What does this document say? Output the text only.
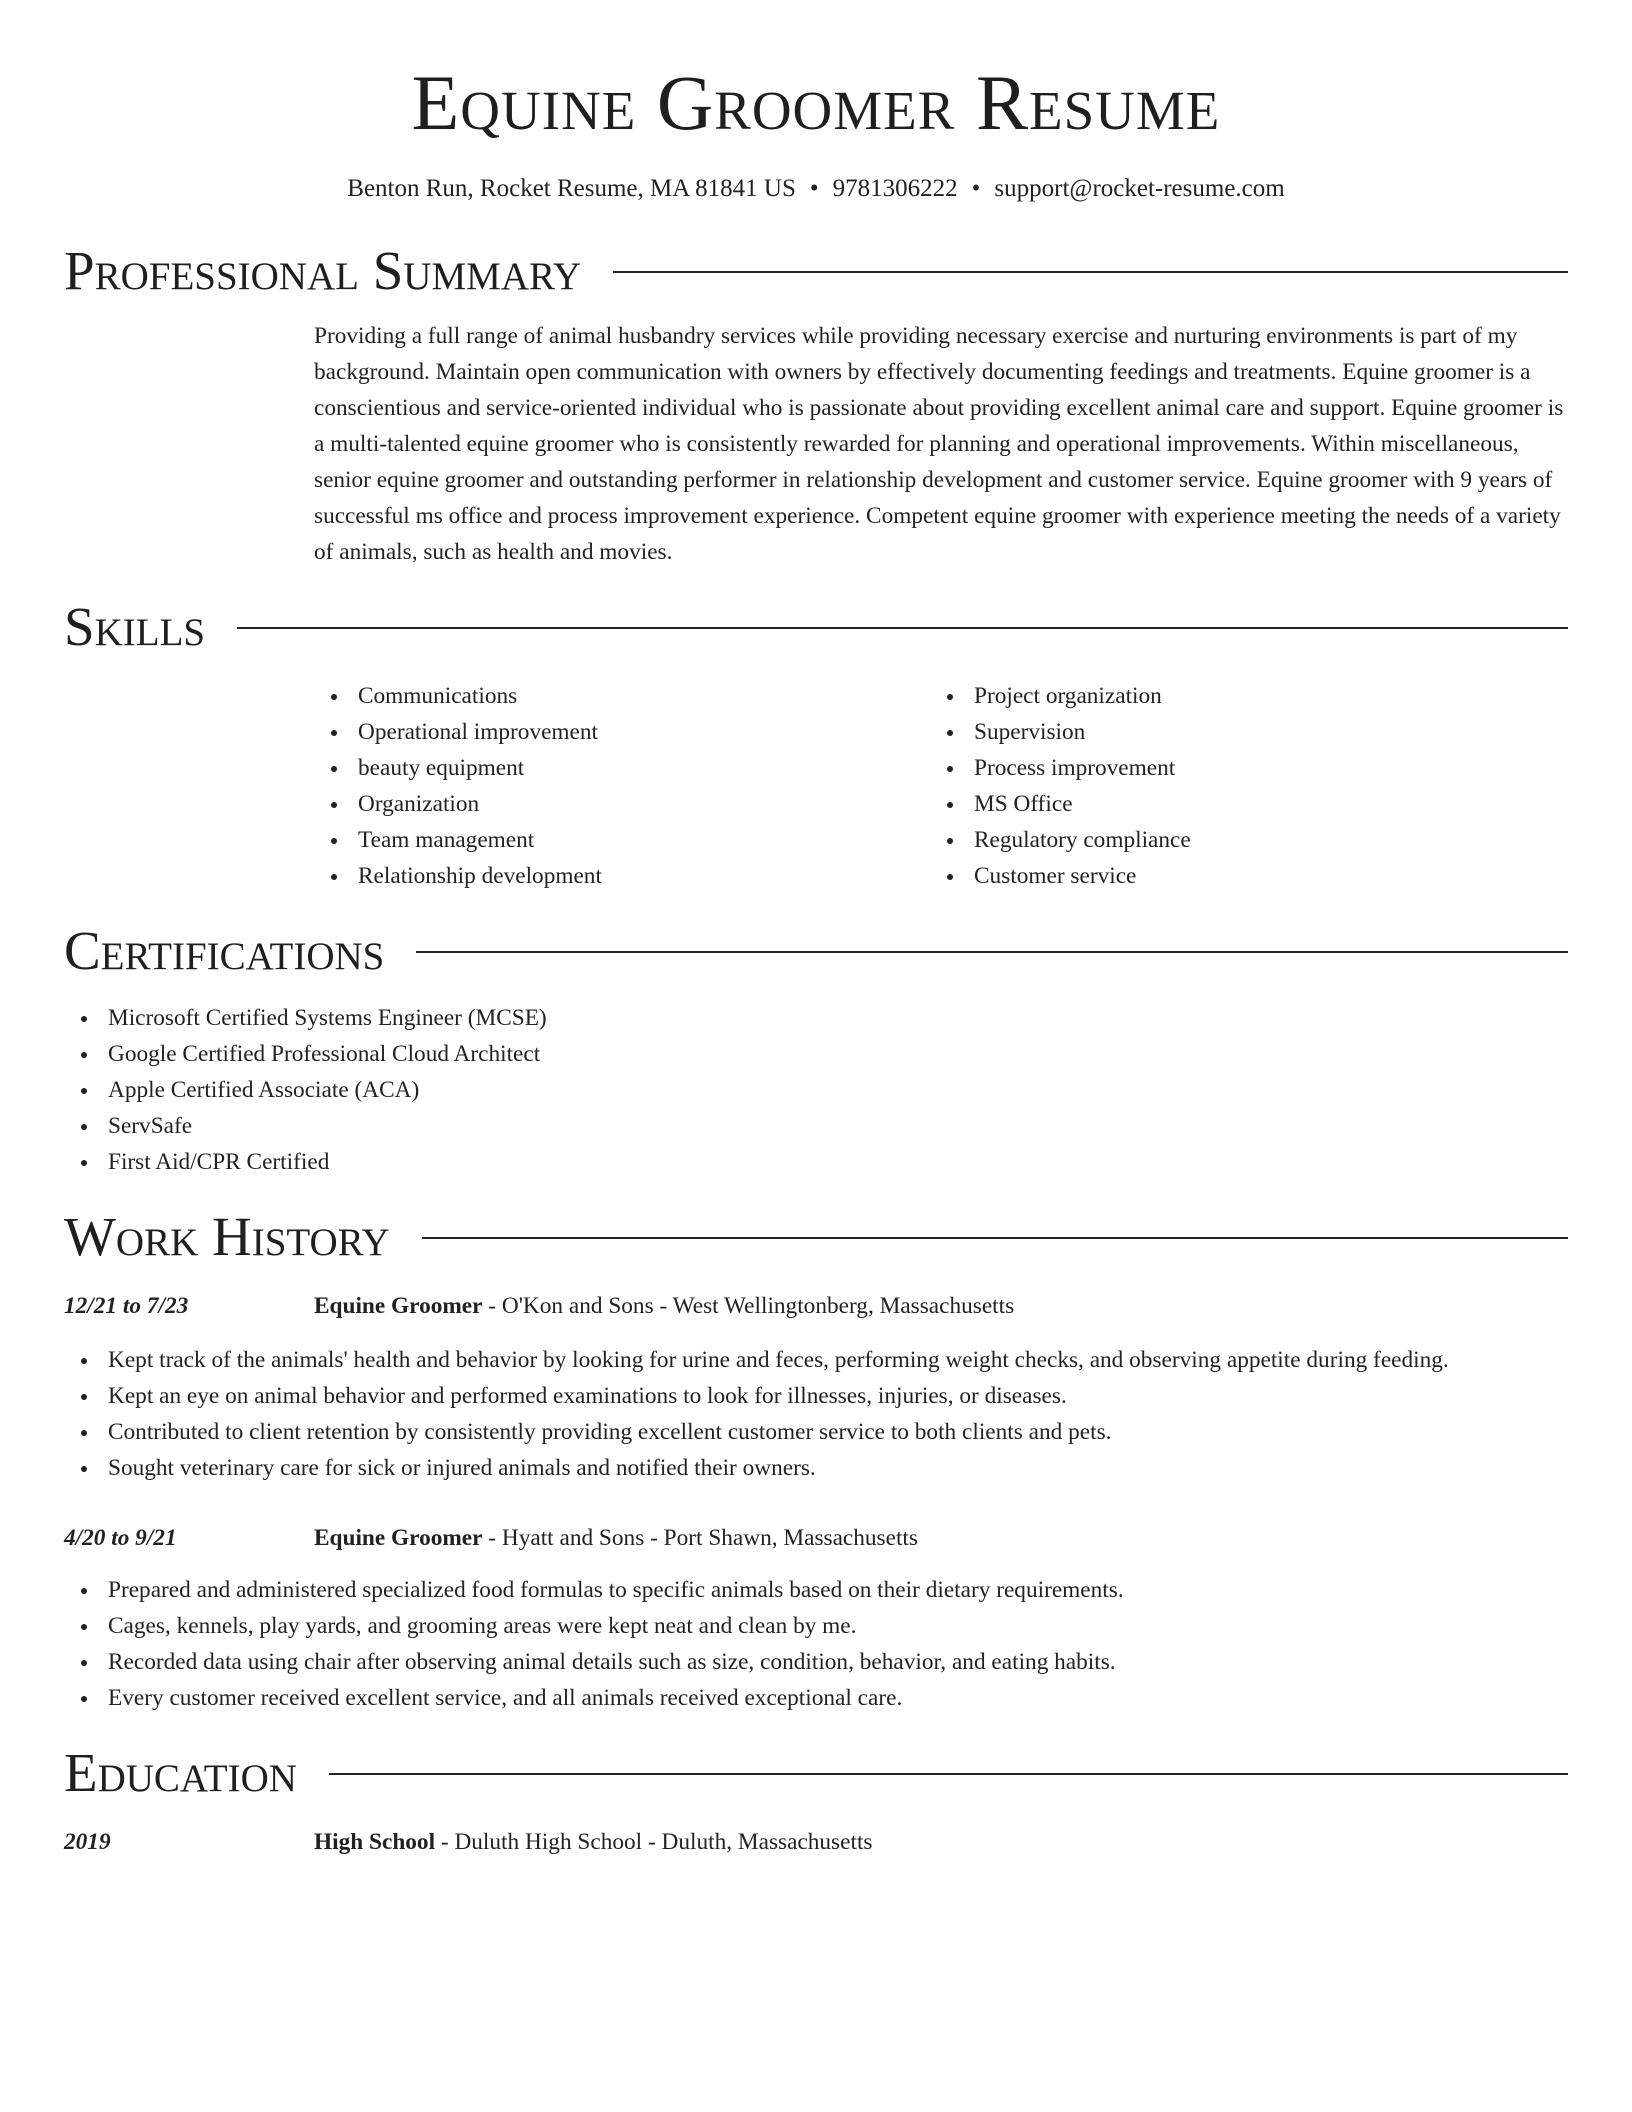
Equine Groomer Resume
Benton Run, Rocket Resume, MA 81841 US • 9781306222 • support@rocket-resume.com
Professional Summary
Providing a full range of animal husbandry services while providing necessary exercise and nurturing environments is part of my background. Maintain open communication with owners by effectively documenting feedings and treatments. Equine groomer is a conscientious and service-oriented individual who is passionate about providing excellent animal care and support. Equine groomer is a multi-talented equine groomer who is consistently rewarded for planning and operational improvements. Within miscellaneous, senior equine groomer and outstanding performer in relationship development and customer service. Equine groomer with 9 years of successful ms office and process improvement experience. Competent equine groomer with experience meeting the needs of a variety of animals, such as health and movies.
Skills
Communications
Operational improvement
beauty equipment
Organization
Team management
Relationship development
Project organization
Supervision
Process improvement
MS Office
Regulatory compliance
Customer service
Certifications
Microsoft Certified Systems Engineer (MCSE)
Google Certified Professional Cloud Architect
Apple Certified Associate (ACA)
ServSafe
First Aid/CPR Certified
Work History
12/21 to 7/23	Equine Groomer - O'Kon and Sons - West Wellingtonberg, Massachusetts
Kept track of the animals' health and behavior by looking for urine and feces, performing weight checks, and observing appetite during feeding.
Kept an eye on animal behavior and performed examinations to look for illnesses, injuries, or diseases.
Contributed to client retention by consistently providing excellent customer service to both clients and pets.
Sought veterinary care for sick or injured animals and notified their owners.
4/20 to 9/21	Equine Groomer - Hyatt and Sons - Port Shawn, Massachusetts
Prepared and administered specialized food formulas to specific animals based on their dietary requirements.
Cages, kennels, play yards, and grooming areas were kept neat and clean by me.
Recorded data using chair after observing animal details such as size, condition, behavior, and eating habits.
Every customer received excellent service, and all animals received exceptional care.
Education
2019	High School - Duluth High School - Duluth, Massachusetts
